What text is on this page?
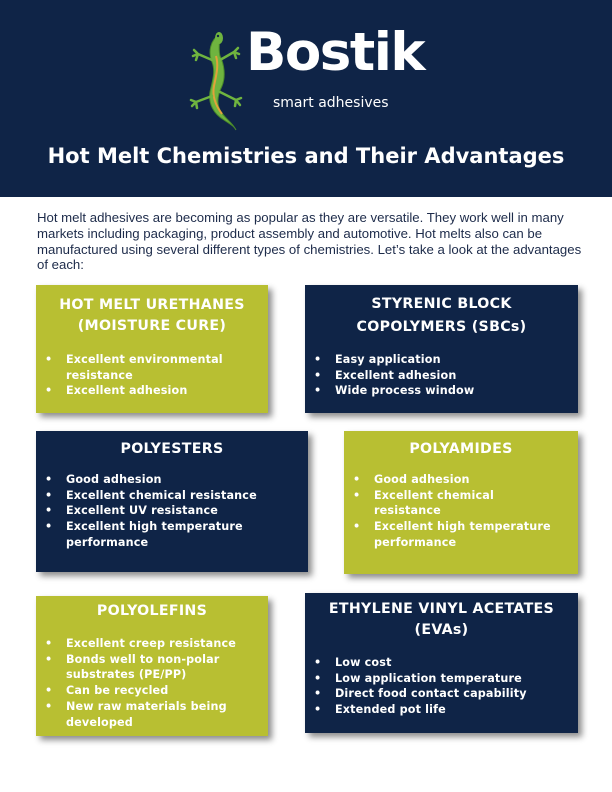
Bostik
smart adhesives
Hot Melt Chemistries and Their Advantages

Hot melt adhesives are becoming as popular as they are versatile. They work well in many markets including packaging, product assembly and automotive. Hot melts also can be manufactured using several different types of chemistries. Let’s take a look at the advantages of each:

HOT MELT URETHANES
(MOISTURE CURE)
• Excellent environmental resistance
• Excellent adhesion
STYRENIC BLOCK
COPOLYMERS (SBCs)
• Easy application
• Excellent adhesion
• Wide process window
POLYESTERS
• Good adhesion
• Excellent chemical resistance
• Excellent UV resistance
• Excellent high temperature performance
POLYAMIDES
• Good adhesion
• Excellent chemical resistance
• Excellent high temperature performance
POLYOLEFINS
• Excellent creep resistance
• Bonds well to non-polar substrates (PE/PP)
• Can be recycled
• New raw materials being developed
ETHYLENE VINYL ACETATES
(EVAs)
• Low cost
• Low application temperature
• Direct food contact capability
• Extended pot life
